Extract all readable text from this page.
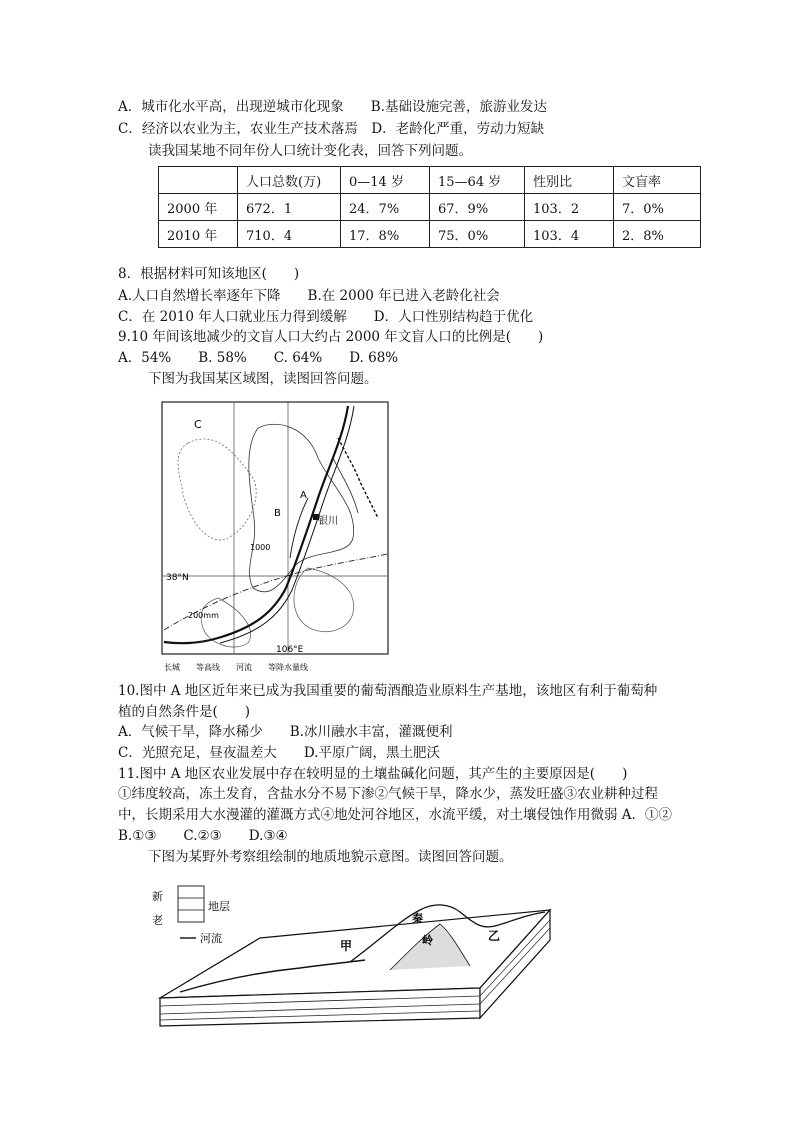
A．城市化水平高，出现逆城市化现象　　B.基础设施完善，旅游业发达
C．经济以农业为主，农业生产技术落焉　D．老龄化严重，劳动力短缺
读我国某地不同年份人口统计变化表，回答下列问题。
	人口总数(万)	0—14 岁	15—64 岁	性别比	文盲率
2000 年	672．1	24．7%	67．9%	103．2	7．0%
2010 年	710．4	17．8%	75．0%	103．4	2．8%
8．根据材料可知该地区(　　)
A.人口自然增长率逐年下降　　B.在 2000 年已进入老龄化社会
C．在 2010 年人口就业压力得到缓解　　D．人口性别结构趋于优化
9.10 年间该地减少的文盲人口大约占 2000 年文盲人口的比例是(　　)
A．54%　　B. 58%　　C. 64%　　D. 68%
下图为我国某区域图，读图回答问题。
银川
C
A
B
1000
38°N
200mm
106°E
长城　　等高线　　河流　　等降水量线
10.图中 A 地区近年来已成为我国重要的葡萄酒酿造业原料生产基地，该地区有利于葡萄种
植的自然条件是(　　)
A．气候干旱，降水稀少　　B.冰川融水丰富，灌溉便利
C．光照充足，昼夜温差大　　D.平原广阔，黑土肥沃
11.图中 A 地区农业发展中存在较明显的土壤盐碱化问题，其产生的主要原因是(　　)
①纬度较高，冻土发育，含盐水分不易下渗②气候干旱，降水少，蒸发旺盛③农业耕种过程
中，长期采用大水漫灌的灌溉方式④地处河谷地区，水流平缓，对土壤侵蚀作用微弱 A．①②
B.①③　　C.②③　　D.③④
下图为某野外考察组绘制的地质地貌示意图。读图回答问题。
新
老
地层
河流
甲
秦
岭	乙
